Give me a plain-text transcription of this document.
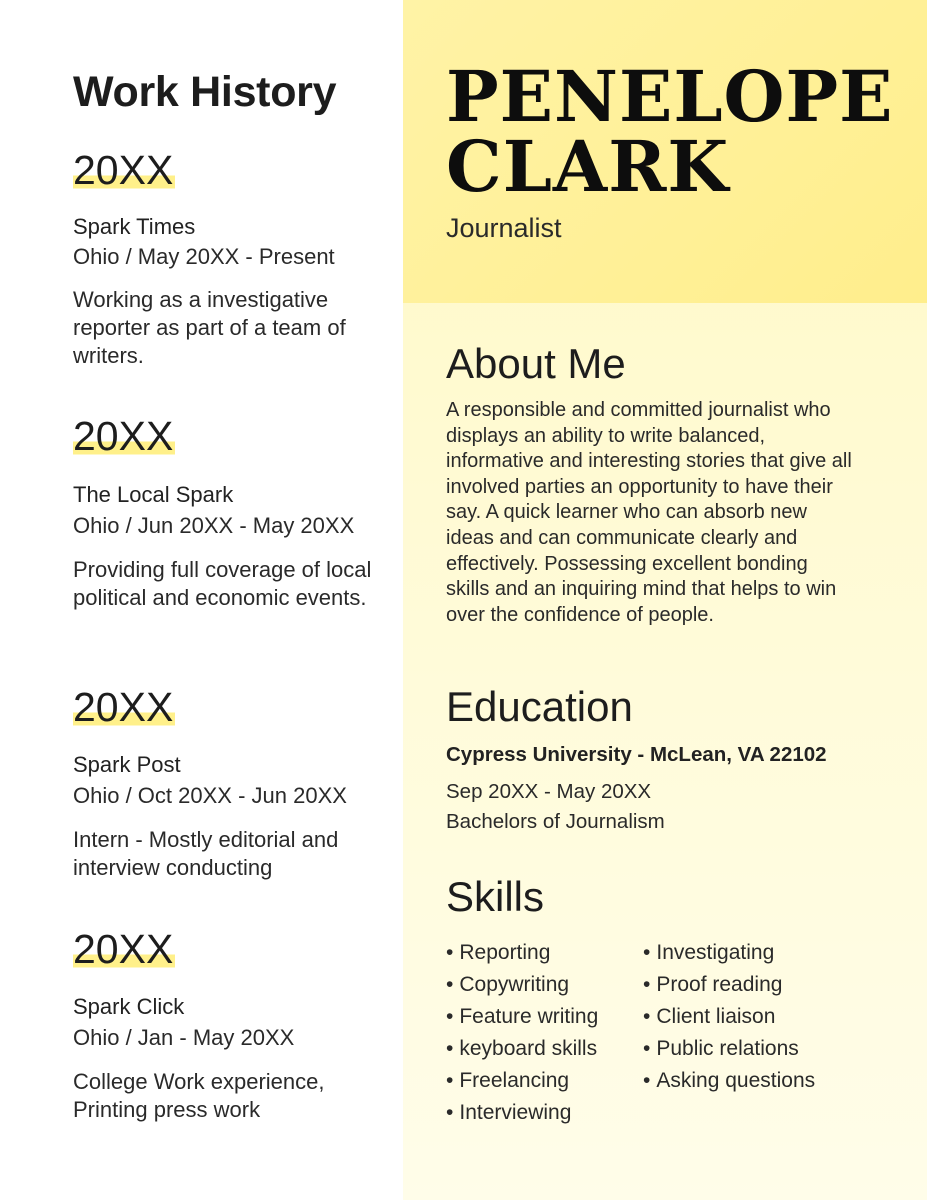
Work History
20XX
Spark Times
Ohio / May 20XX - Present
Working as a investigative reporter as part of a team of writers.
20XX
The Local Spark
Ohio / Jun 20XX - May 20XX
Providing full coverage of local political and economic events.
20XX
Spark Post
Ohio / Oct 20XX - Jun 20XX
Intern - Mostly editorial and interview conducting
20XX
Spark Click
Ohio / Jan - May 20XX
College Work experience, Printing press work
PENELOPE
CLARK
Journalist
About Me
A responsible and committed journalist who displays an ability to write balanced, informative and interesting stories that give all involved parties an opportunity to have their say. A quick learner who can absorb new ideas and can communicate clearly and effectively. Possessing excellent bonding skills and an inquiring mind that helps to win over the confidence of people.
Education
Cypress University - McLean, VA 22102
Sep 20XX - May 20XX
Bachelors of Journalism
Skills
• Reporting
• Copywriting
• Feature writing
• keyboard skills
• Freelancing
• Interviewing
• Investigating
• Proof reading
• Client liaison
• Public relations
• Asking questions
